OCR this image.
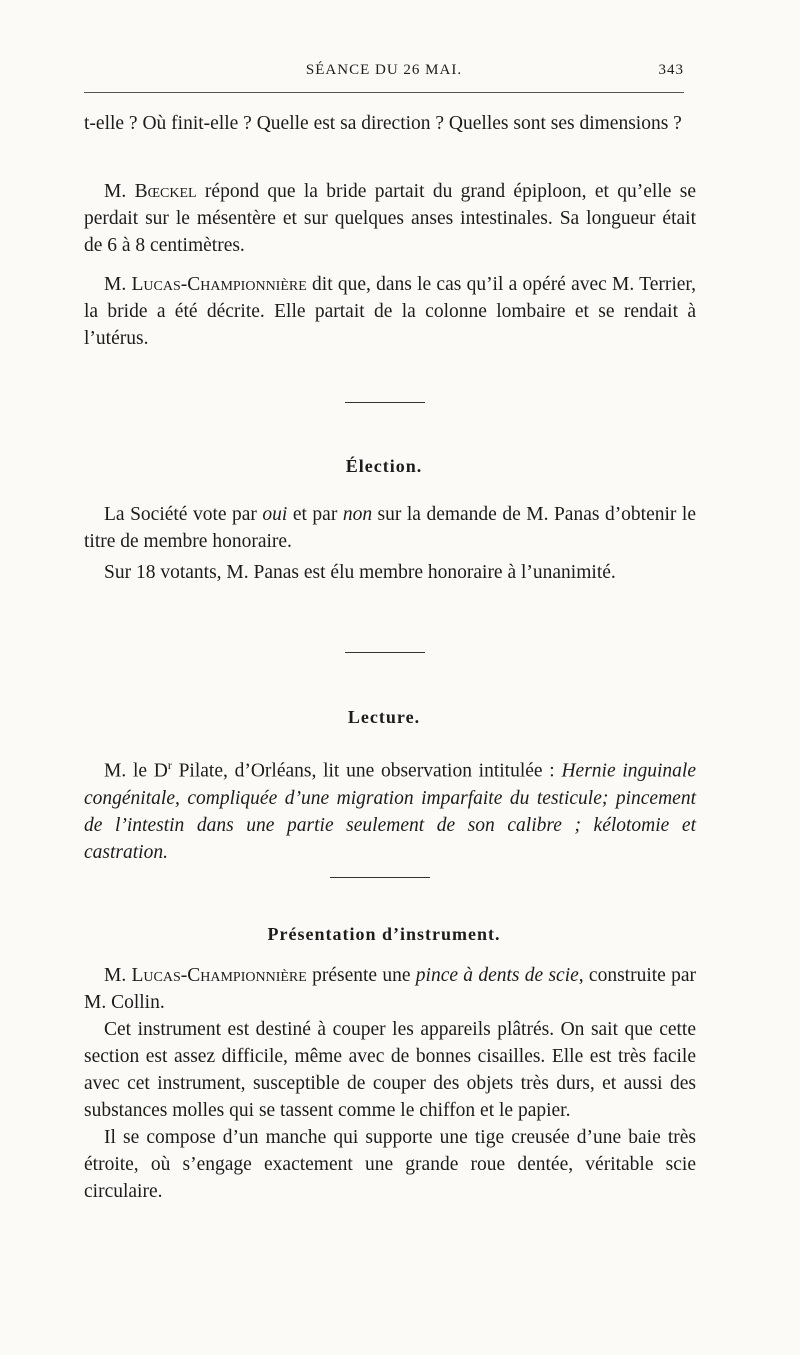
SÉANCE DU 26 MAI.	343

t-elle ? Où finit-elle ? Quelle est sa direction ? Quelles sont ses dimensions ?

M. Bœckel répond que la bride partait du grand épiploon, et qu’elle se perdait sur le mésentère et sur quelques anses intestinales. Sa longueur était de 6 à 8 centimètres.

M. Lucas-Championnière dit que, dans le cas qu’il a opéré avec M. Terrier, la bride a été décrite. Elle partait de la colonne lombaire et se rendait à l’utérus.

Élection.

La Société vote par oui et par non sur la demande de M. Panas d’obtenir le titre de membre honoraire.

Sur 18 votants, M. Panas est élu membre honoraire à l’unanimité.

Lecture.

M. le $D^r$ Pilate, d’Orléans, lit une observation intitulée : Hernie inguinale congénitale, compliquée d’une migration imparfaite du testicule; pincement de l’intestin dans une partie seulement de son calibre ; kélotomie et castration.

Présentation d’instrument.

M. Lucas-Championnière présente une pince à dents de scie, construite par M. Collin.

Cet instrument est destiné à couper les appareils plâtrés. On sait que cette section est assez difficile, même avec de bonnes cisailles. Elle est très facile avec cet instrument, susceptible de couper des objets très durs, et aussi des substances molles qui se tassent comme le chiffon et le papier.

Il se compose d’un manche qui supporte une tige creusée d’une baie très étroite, où s’engage exactement une grande roue dentée, véritable scie circulaire.
